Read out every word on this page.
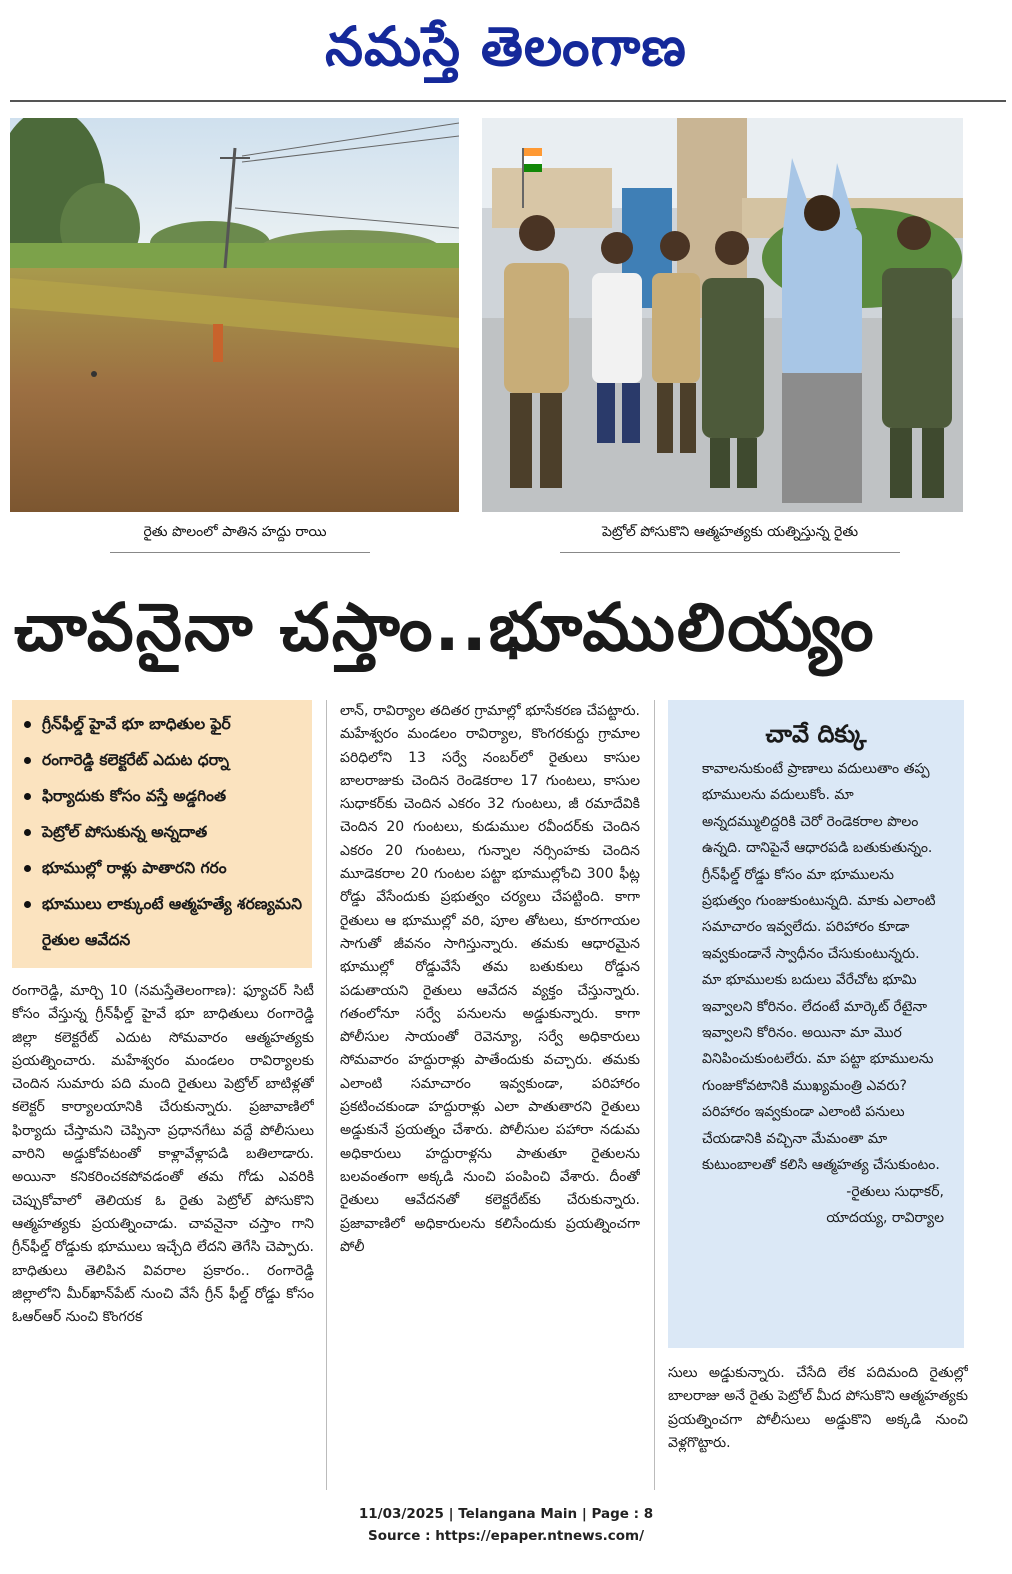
నమస్తే తెలంగాణ
రైతు పొలంలో పాతిన హద్దు రాయి	పెట్రోల్ పోసుకొని ఆత్మహత్యకు యత్నిస్తున్న రైతు
చావనైనా చస్తాం..భూములియ్యం
గ్రీన్‌ఫీల్డ్ హైవే భూ బాధితుల ఫైర్
రంగారెడ్డి కలెక్టరేట్ ఎదుట ధర్నా
ఫిర్యాదుకు కోసం వస్తే అడ్డగింత
పెట్రోల్ పోసుకున్న అన్నదాత
భూముల్లో రాళ్లు పాతారని గరం
భూములు లాక్కుంటే ఆత్మహత్యే శరణ్యమని రైతుల ఆవేదన

రంగారెడ్డి, మార్చి 10 (నమస్తేతెలంగాణ): ఫ్యూచర్ సిటీ కోసం వేస్తున్న గ్రీన్‌ఫీల్డ్ హైవే భూ బాధితులు రంగారెడ్డి జిల్లా కలెక్టరేట్ ఎదుట సోమవారం ఆత్మహత్యకు ప్రయత్నించారు. మహేశ్వరం మండలం రావిర్యాలకు చెందిన సుమారు పది మంది రైతులు పెట్రోల్ బాటిళ్లతో కలెక్టర్ కార్యాలయానికి చేరుకున్నారు. ప్రజావాణిలో ఫిర్యాదు చేస్తామని చెప్పినా ప్రధానగేటు వద్దే పోలీసులు వారిని అడ్డుకోవటంతో కాళ్లావేళ్లాపడి బతిలాడారు. అయినా కనికరించకపోవడంతో తమ గోడు ఎవరికి చెప్పుకోవాలో తెలియక ఓ రైతు పెట్రోల్ పోసుకొని ఆత్మహత్యకు ప్రయత్నించాడు. చావనైనా చస్తాం గాని గ్రీన్‌ఫీల్డ్ రోడ్డుకు భూములు ఇచ్చేది లేదని తెగేసి చెప్పారు. బాధితులు తెలిపిన వివరాల ప్రకారం.. రంగారెడ్డి జిల్లాలోని మీర్‌ఖాన్‌పేట్ నుంచి వేసే గ్రీన్ ఫీల్డ్ రోడ్డు కోసం ఓఆర్‌ఆర్ నుంచి కొంగరక

లాన్, రావిర్యాల తదితర గ్రామాల్లో భూసేకరణ చేపట్టారు. మహేశ్వరం మండలం రావిర్యాల, కొంగరకుర్దు గ్రామాల పరిధిలోని 13 సర్వే నంబర్‌లో రైతులు కాసుల బాలరాజుకు చెందిన రెండెకరాల 17 గుంటలు, కాసుల సుధాకర్‌కు చెందిన ఎకరం 32 గుంటలు, జీ రమాదేవికి చెందిన 20 గుంటలు, కుడుముల రవీందర్‌కు చెందిన ఎకరం 20 గుంటలు, గున్నాల నర్సింహకు చెందిన మూడెకరాల 20 గుంటల పట్టా భూముల్లోంచి 300 ఫీట్ల రోడ్డు వేసేందుకు ప్రభుత్వం చర్యలు చేపట్టింది. కాగా రైతులు ఆ భూముల్లో వరి, పూల తోటలు, కూరగాయల సాగుతో జీవనం సాగిస్తున్నారు. తమకు ఆధారమైన భూముల్లో రోడ్డువేసే తమ బతుకులు రోడ్డున పడుతాయని రైతులు ఆవేదన వ్యక్తం చేస్తున్నారు. గతంలోనూ సర్వే పనులను అడ్డుకున్నారు. కాగా పోలీసుల సాయంతో రెవెన్యూ, సర్వే అధికారులు సోమవారం హద్దురాళ్లు పాతేందుకు వచ్చారు. తమకు ఎలాంటి సమాచారం ఇవ్వకుండా, పరిహారం ప్రకటించకుండా హద్దురాళ్లు ఎలా పాతుతారని రైతులు అడ్డుకునే ప్రయత్నం చేశారు. పోలీసుల పహారా నడుమ అధికారులు హద్దురాళ్లను పాతుతూ రైతులను బలవంతంగా అక్కడి నుంచి పంపించి వేశారు. దీంతో రైతులు ఆవేదనతో కలెక్టరేట్‌కు చేరుకున్నారు. ప్రజావాణిలో అధికారులను కలిసేందుకు ప్రయత్నించగా పోలీ

చావే దిక్కు
కావాలనుకుంటే ప్రాణాలు వదులుతాం తప్ప భూములను వదులుకోం. మా అన్నదమ్ములిద్దరికి చెరో రెండెకరాల పొలం ఉన్నది. దానిపైనే ఆధారపడి బతుకుతున్నం. గ్రీన్‌ఫీల్డ్ రోడ్డు కోసం మా భూములను ప్రభుత్వం గుంజుకుంటున్నది. మాకు ఎలాంటి సమాచారం ఇవ్వలేదు. పరిహారం కూడా ఇవ్వకుండానే స్వాధీనం చేసుకుంటున్నరు. మా భూములకు బదులు వేరేచోట భూమి ఇవ్వాలని కోరినం. లేదంటే మార్కెట్ రేటైనా ఇవ్వాలని కోరినం. అయినా మా మొర వినిపించుకుంటలేరు. మా పట్టా భూములను గుంజుకోవటానికి ముఖ్యమంత్రి ఎవరు? పరిహారం ఇవ్వకుండా ఎలాంటి పనులు చేయడానికి వచ్చినా మేమంతా మా కుటుంబాలతో కలిసి ఆత్మహత్య చేసుకుంటం.
-రైతులు సుధాకర్,
యాదయ్య, రావిర్యాల

సులు అడ్డుకున్నారు. చేసేది లేక పదిమంది రైతుల్లో బాలరాజు అనే రైతు పెట్రోల్ మీద పోసుకొని ఆత్మహత్యకు ప్రయత్నించగా పోలీసులు అడ్డుకొని అక్కడి నుంచి వెళ్లగొట్టారు.

11/03/2025 | Telangana Main | Page : 8
Source : https://epaper.ntnews.com/
